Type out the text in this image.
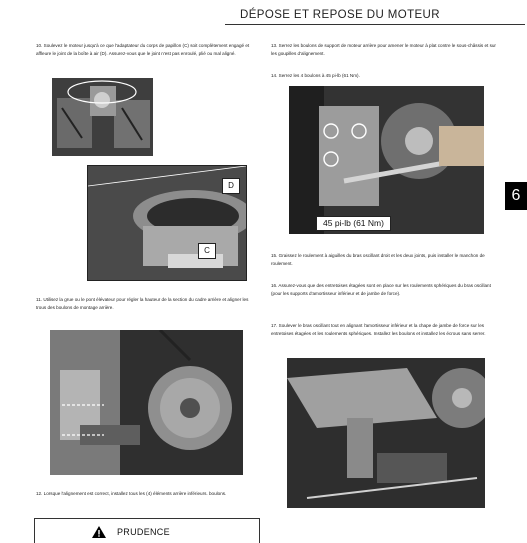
DÉPOSE ET REPOSE DU MOTEUR
6
10. Soulevez le moteur jusqu'à ce que l'adaptateur du corps de papillon (C) soit complètement engagé et affleure le joint de la boîte à air (D). Assurez-vous que le joint n'est pas enroulé, plié ou mal aligné.
D
C
11. Utilisez la grue ou le pont élévateur pour régler la hauteur de la section du cadre arrière et aligner les trous des boulons de montage arrière.
12. Lorsque l'alignement est correct, installez tous les (4) éléments arrière inférieurs. boulons.
PRUDENCE
13. Serrez les boulons de support de moteur arrière pour amener le moteur à plat contre le sous-châssis et sur les goupilles d'alignement.
14. Serrez les 4 boulons à 45 pi-lb (61 Nm).
45 pi-lb (61 Nm)
15. Graissez le roulement à aiguilles du bras oscillant droit et les deux joints, puis installer le manchon de roulement.
16. Assurez-vous que des entretoises étagées sont en place sur les roulements sphériques du bras oscillant (pour les supports d'amortisseur inférieur et de jambe de force).
17. Soulever le bras oscillant tout en alignant l'amortisseur inférieur et la chape de jambe de force sur les entretoises étagées et les roulements sphériques. Installez les boulons et installez les écrous sans serrer.
